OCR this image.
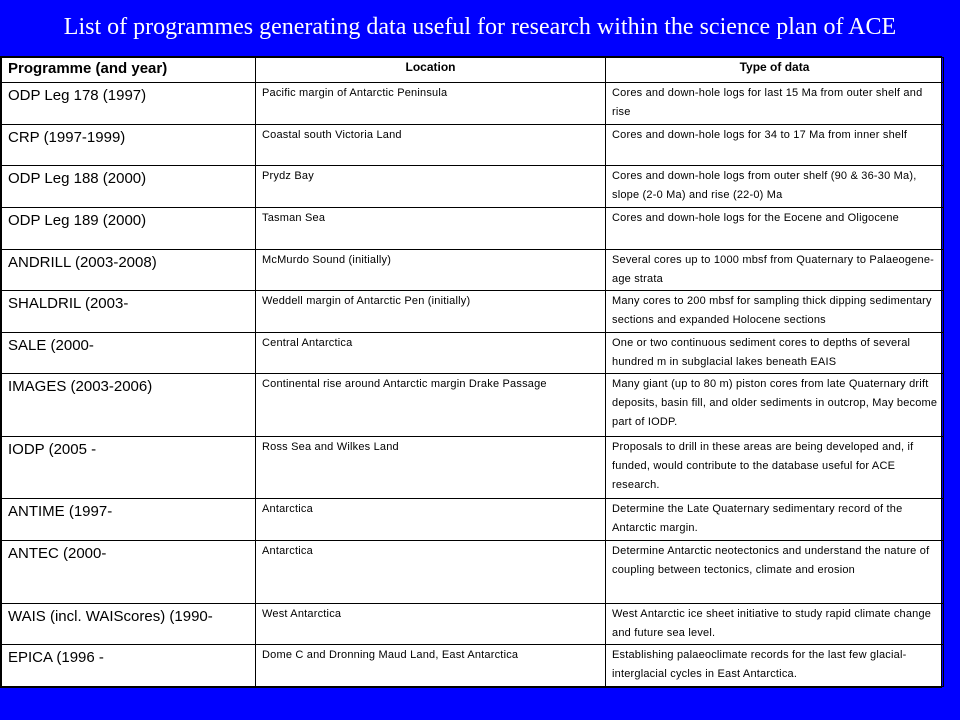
List of programmes generating data useful for research within the science plan of ACE
Programme (and year)	Location	Type of data
ODP Leg 178 (1997)	Pacific margin of Antarctic Peninsula	Cores and down-hole logs for last 15 Ma from outer shelf and rise
CRP (1997-1999)	Coastal south Victoria Land	Cores and down-hole logs for 34 to 17 Ma from inner shelf
ODP Leg 188 (2000)	Prydz Bay	Cores and down-hole logs from outer shelf (90 & 36-30 Ma), slope (2-0 Ma) and rise (22-0) Ma
ODP Leg 189 (2000)	Tasman Sea	Cores and down-hole logs for the Eocene and Oligocene
ANDRILL (2003-2008)	McMurdo Sound (initially)	Several cores up to 1000 mbsf from Quaternary to Palaeogene- age strata
SHALDRIL (2003-	Weddell margin of Antarctic Pen (initially)	Many cores to 200 mbsf for sampling thick dipping sedimentary sections and expanded Holocene sections
SALE (2000-	Central Antarctica	One or two continuous sediment cores to depths of several hundred m in subglacial lakes beneath EAIS
IMAGES (2003-2006)	Continental rise around Antarctic margin Drake Passage	Many giant (up to 80 m) piston cores from late Quaternary drift deposits, basin fill, and older sediments in outcrop, May become part of IODP.
IODP (2005 -	Ross Sea and Wilkes Land	Proposals to drill in these areas are being developed and, if funded, would contribute to the database useful for ACE research.
ANTIME (1997-	Antarctica	Determine the Late Quaternary sedimentary record of the Antarctic margin.
ANTEC (2000-	Antarctica	Determine Antarctic neotectonics and understand the nature of coupling between tectonics, climate and erosion
WAIS (incl. WAIScores) (1990-	West Antarctica	West Antarctic ice sheet initiative to study rapid climate change and future sea level.
EPICA (1996 -	Dome C and Dronning Maud Land, East Antarctica	Establishing palaeoclimate records for the last few glacial-interglacial cycles in East Antarctica.
